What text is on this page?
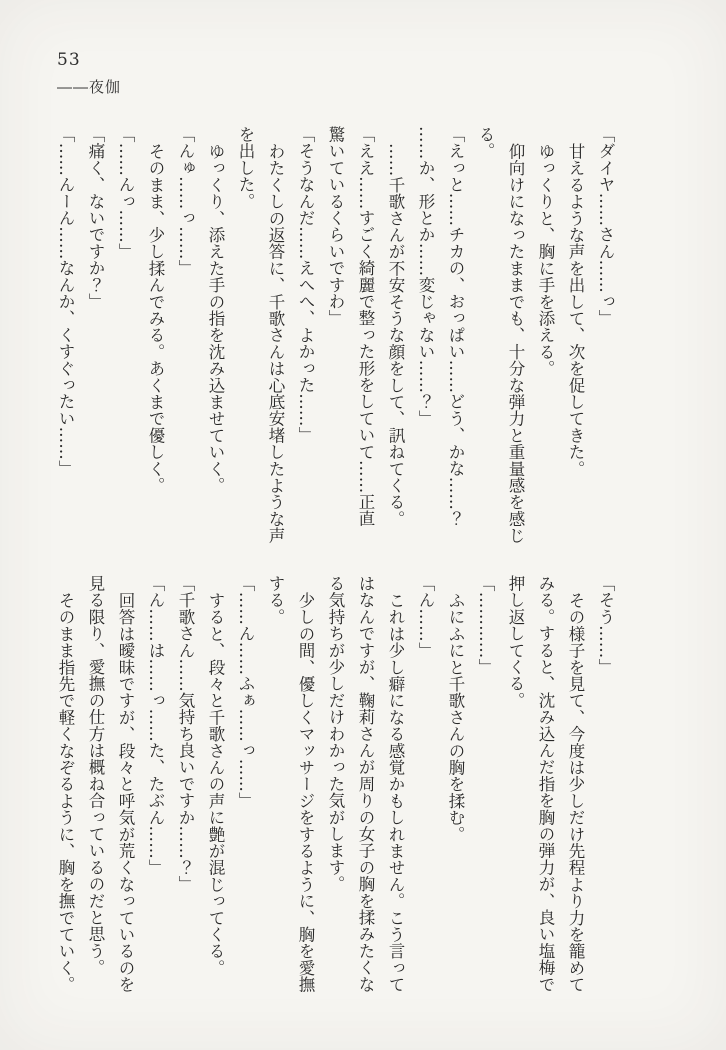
53
――夜伽

「ダイヤ……さん……っ」

甘えるような声を出して、次を促してきた。

ゆっくりと、胸に手を添える。

仰向けになったままでも、十分な弾力と重量感を感じ

る。

「えっと……チカの、おっぱい……どう、かな……？

……か、形とか……変じゃない……？」

……千歌さんが不安そうな顔をして、訊ねてくる。

「ええ……すごく綺麗で整った形をしていて……正直

驚いているくらいですわ」

「そうなんだ……えへへ、よかった……」

わたくしの返答に、千歌さんは心底安堵したような声

を出した。

ゆっくり、添えた手の指を沈み込ませていく。

「んゅ……っ……」

そのまま、少し揉んでみる。あくまで優しく。

「……んっ……」

「痛く、ないですか？」

「……んーん……なんか、くすぐったい……」

「そう……」

その様子を見て、今度は少しだけ先程より力を籠めて

みる。すると、沈み込んだ指を胸の弾力が、良い塩梅で

押し返してくる。

「…………」

ふにふにと千歌さんの胸を揉む。

「ん……」

これは少し癖になる感覚かもしれません。こう言って

はなんですが、鞠莉さんが周りの女子の胸を揉みたくな

る気持ちが少しだけわかった気がします。

少しの間、優しくマッサージをするように、胸を愛撫

する。

「……ん……ふぁ……っ……」

すると、段々と千歌さんの声に艶が混じってくる。

「千歌さん……気持ち良いですか……？」

「ん……は……っ……た、たぶん……」

回答は曖昧ですが、段々と呼気が荒くなっているのを

見る限り、愛撫の仕方は概ね合っているのだと思う。

そのまま指先で軽くなぞるように、胸を撫でていく。
